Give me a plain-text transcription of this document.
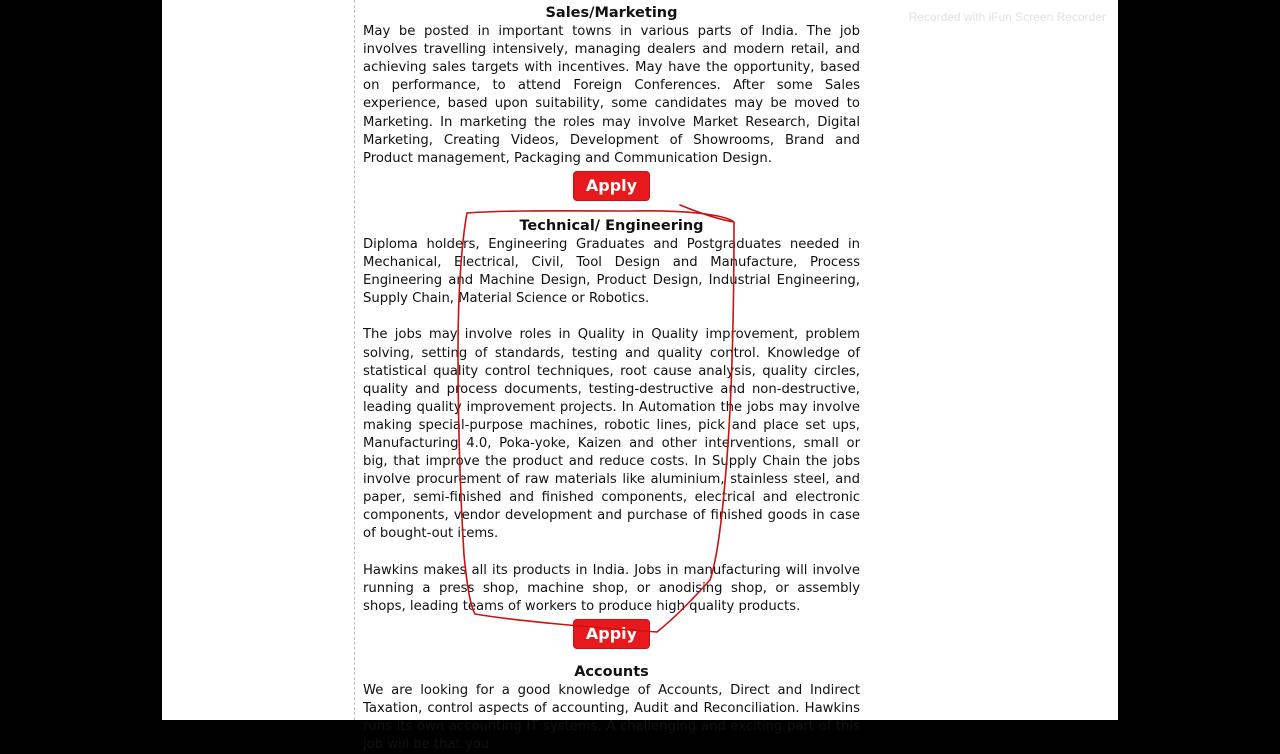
Recorded with iFun Screen Recorder
Sales/Marketing

May be posted in important towns in various parts of India. The job involves travelling intensively, managing dealers and modern retail, and achieving sales targets with incentives. May have the opportunity, based on performance, to attend Foreign Conferences. After some Sales experience, based upon suitability, some candidates may be moved to Marketing. In marketing the roles may involve Market Research, Digital Marketing, Creating Videos, Development of Showrooms, Brand and Product management, Packaging and Communication Design.

Apply
Technical/ Engineering

Diploma holders, Engineering Graduates and Postgraduates needed in Mechanical, Electrical, Civil, Tool Design and Manufacture, Process Engineering and Machine Design, Product Design, Industrial Engineering, Supply Chain, Material Science or Robotics.

The jobs may involve roles in Quality in Quality improvement, problem solving, setting of standards, testing and quality control. Knowledge of statistical quality control techniques, root cause analysis, quality circles, quality and process documents, testing-destructive and non-destructive, leading quality improvement projects. In Automation the jobs may involve making special-purpose machines, robotic lines, pick and place set ups, Manufacturing 4.0, Poka-yoke, Kaizen and other interventions, small or big, that improve the product and reduce costs. In Supply Chain the jobs involve procurement of raw materials like aluminium, stainless steel, and paper, semi-finished and finished components, electrical and electronic components, vendor development and purchase of finished goods in case of bought-out items.

Hawkins makes all its products in India. Jobs in manufacturing will involve running a press shop, machine shop, or anodising shop, or assembly shops, leading teams of workers to produce high quality products.

Apply
Accounts

We are looking for a good knowledge of Accounts, Direct and Indirect Taxation, control aspects of accounting, Audit and Reconciliation. Hawkins runs its own accounting IT systems. A challenging and exciting part of this job will be that you
